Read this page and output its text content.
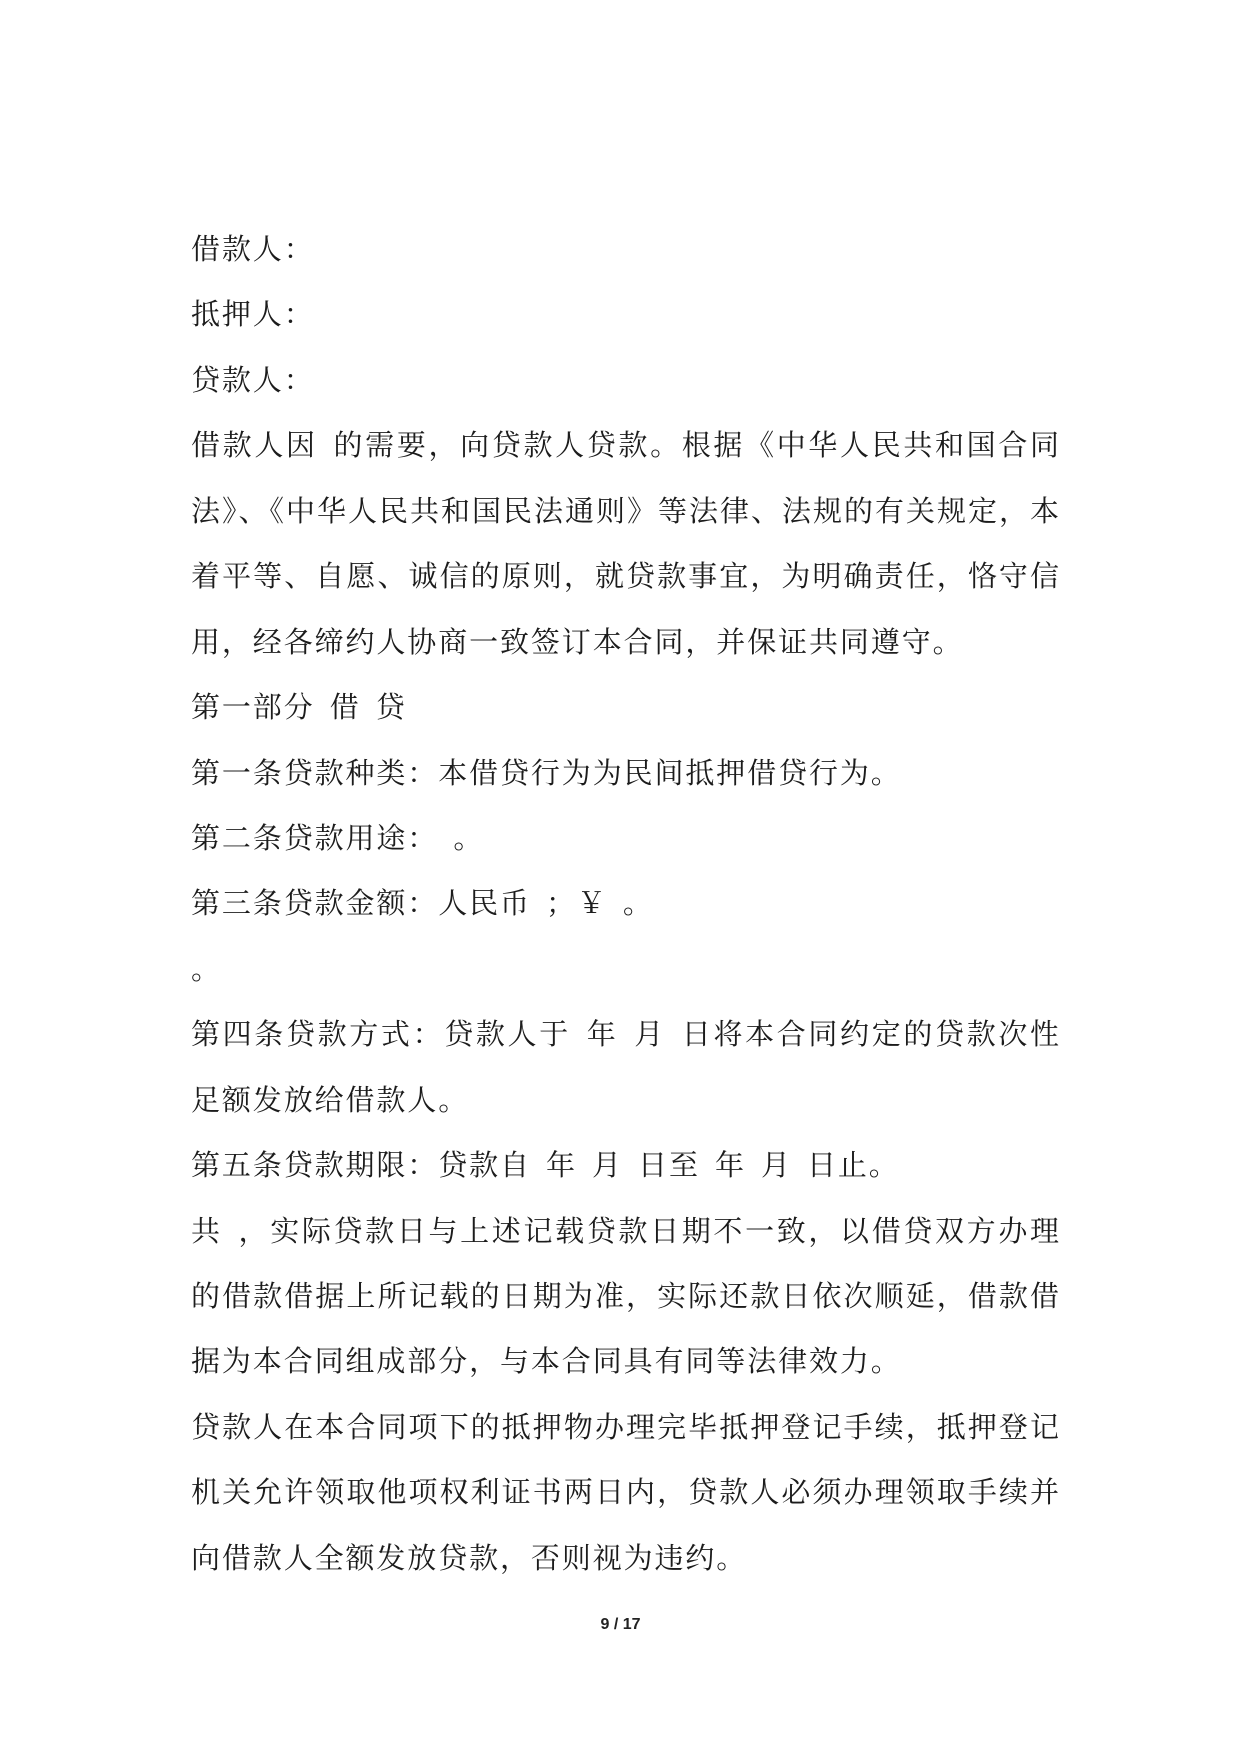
借款人：
抵押人：
贷款人：
借款人因 的需要，向贷款人贷款。根据《中华人民共和国合同
法》、《中华人民共和国民法通则》等法律、法规的有关规定，本
着平等、自愿、诚信的原则，就贷款事宜，为明确责任，恪守信
用，经各缔约人协商一致签订本合同，并保证共同遵守。
第一部分 借 贷
第一条贷款种类：本借贷行为为民间抵押借贷行为。
第二条贷款用途： 。
第三条贷款金额：人民币 ；￥ 。
。
第四条贷款方式：贷款人于 年 月 日将本合同约定的贷款次性
足额发放给借款人。
第五条贷款期限：贷款自 年 月 日至 年 月 日止。
共 ，实际贷款日与上述记载贷款日期不一致，以借贷双方办理
的借款借据上所记载的日期为准，实际还款日依次顺延，借款借
据为本合同组成部分，与本合同具有同等法律效力。
贷款人在本合同项下的抵押物办理完毕抵押登记手续，抵押登记
机关允许领取他项权利证书两日内，贷款人必须办理领取手续并
向借款人全额发放贷款，否则视为违约。
9 / 17
